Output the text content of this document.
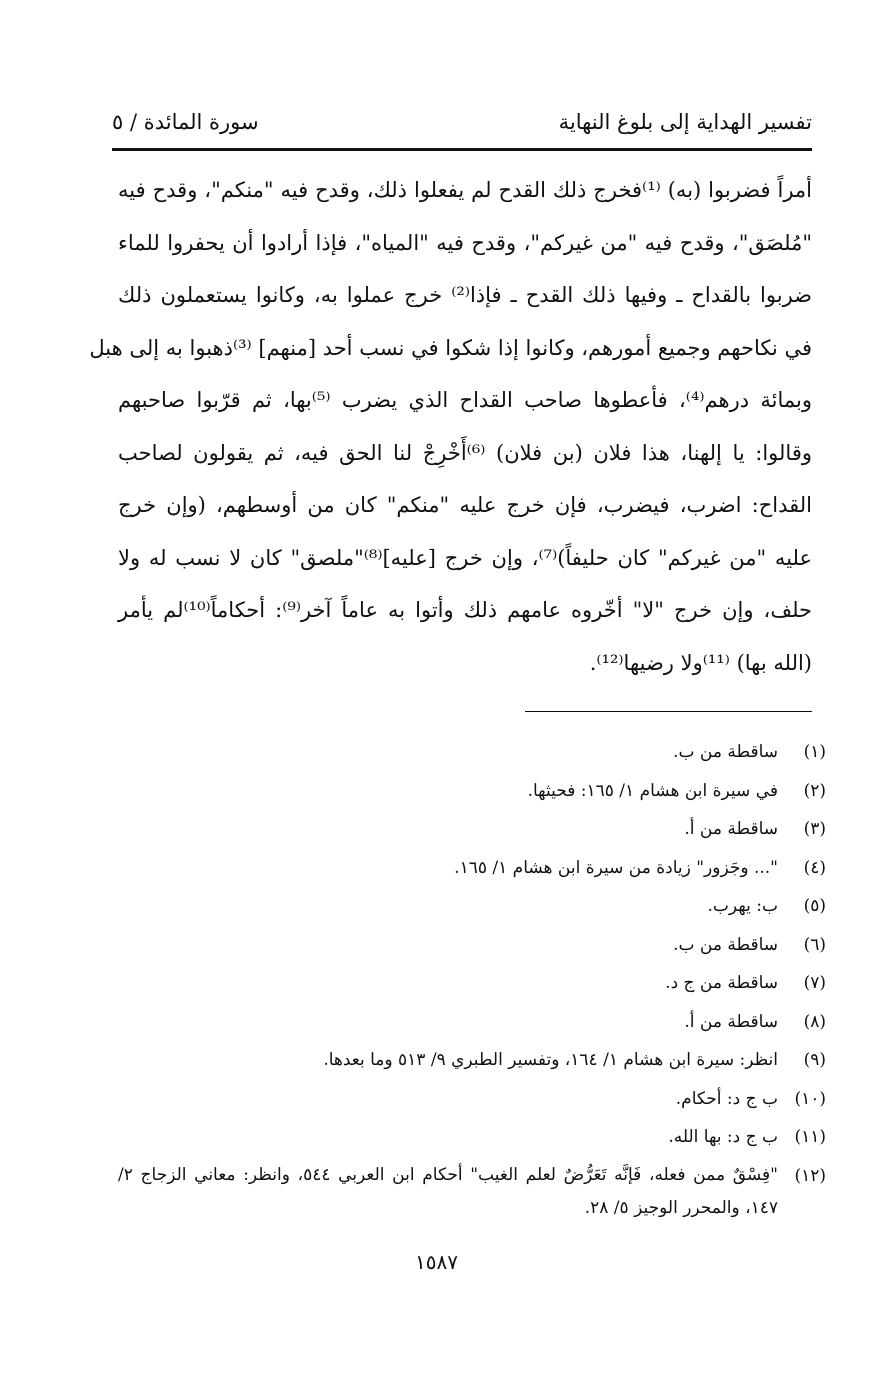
تفسير الهداية إلى بلوغ النهاية
سورة المائدة / ٥
أمراً فضربوا (به) ⁽¹⁾فخرج ذلك القدح لم يفعلوا ذلك، وقدح فيه "منكم"، وقدح فيه
"مُلصَق"، وقدح فيه "من غيركم"، وقدح فيه "المياه"، فإذا أرادوا أن يحفروا للماء
ضربوا بالقداح ـ وفيها ذلك القدح ـ فإذا⁽²⁾ خرج عملوا به، وكانوا يستعملون ذلك
في نكاحهم وجميع أمورهم، وكانوا إذا شكوا في نسب أحد [منهم] ⁽³⁾ذهبوا به إلى هبل
وبمائة درهم⁽⁴⁾، فأعطوها صاحب القداح الذي يضرب ⁽⁵⁾بها، ثم قرّبوا صاحبهم
وقالوا: يا إلهنا، هذا فلان (بن فلان) ⁽⁶⁾أَخْرِجْ لنا الحق فيه، ثم يقولون لصاحب
القداح: اضرب، فيضرب، فإن خرج عليه "منكم" كان من أوسطهم، (وإن خرج
عليه "من غيركم" كان حليفاً)⁽⁷⁾، وإن خرج [عليه]⁽⁸⁾"ملصق" كان لا نسب له ولا
حلف، وإن خرج "لا" أخّروه عامهم ذلك وأتوا به عاماً آخر⁽⁹⁾: أحكاماً⁽¹⁰⁾لم يأمر
(الله بها) ⁽¹¹⁾ولا رضيها⁽¹²⁾.
(١)
ساقطة من ب.
(٢)
في سيرة ابن هشام ١/ ١٦٥: فحيثها.
(٣)
ساقطة من أ.
(٤)
"... وجَزور" زيادة من سيرة ابن هشام ١/ ١٦٥.
(٥)
ب: يهرب.
(٦)
ساقطة من ب.
(٧)
ساقطة من ج د.
(٨)
ساقطة من أ.
(٩)
انظر: سيرة ابن هشام ١/ ١٦٤، وتفسير الطبري ٩/ ٥١٣ وما بعدها.
(١٠)
ب ج د: أحكام.
(١١)
ب ج د: بها الله.
(١٢)
"فِسْقٌ ممن فعله، فَإنَّه تَعَرُّضٌ لعلم الغيب" أحكام ابن العربي ٥٤٤، وانظر: معاني الزجاج ٢/ ١٤٧، والمحرر الوجيز ٥/ ٢٨.
١٥٨٧
